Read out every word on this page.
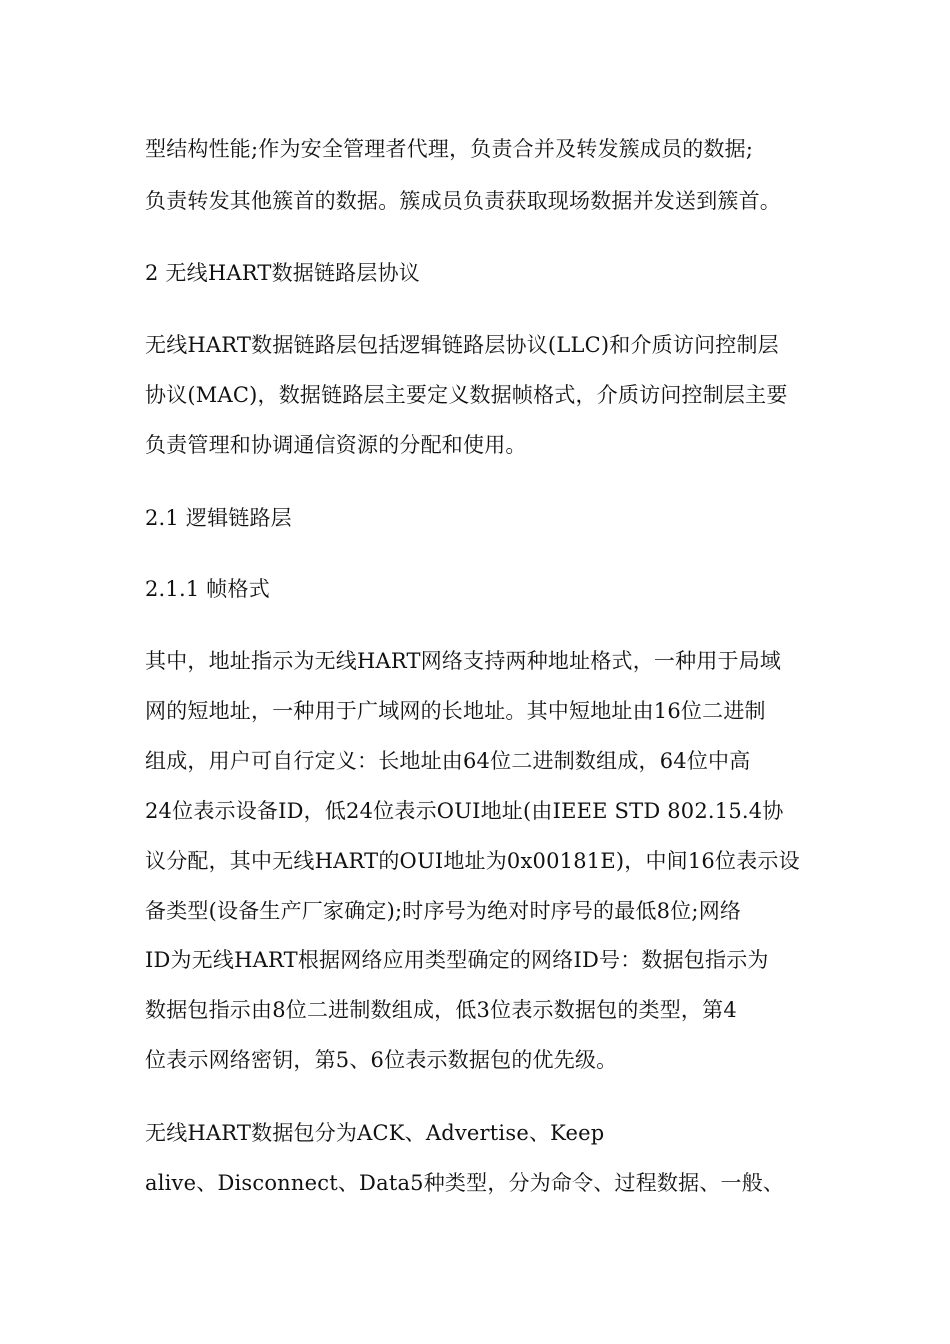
型结构性能;作为安全管理者代理，负责合并及转发簇成员的数据;
负责转发其他簇首的数据。簇成员负责获取现场数据并发送到簇首。
2 无线HART数据链路层协议
无线HART数据链路层包括逻辑链路层协议(LLC)和介质访问控制层
协议(MAC)，数据链路层主要定义数据帧格式，介质访问控制层主要
负责管理和协调通信资源的分配和使用。
2.1 逻辑链路层
2.1.1 帧格式
其中，地址指示为无线HART网络支持两种地址格式，一种用于局域
网的短地址，一种用于广域网的长地址。其中短地址由16位二进制
组成，用户可自行定义：长地址由64位二进制数组成，64位中高
24位表示设备ID，低24位表示OUI地址(由IEEE STD 802.15.4协
议分配，其中无线HART的OUI地址为0x00181E)，中间16位表示设
备类型(设备生产厂家确定);时序号为绝对时序号的最低8位;网络
ID为无线HART根据网络应用类型确定的网络ID号：数据包指示为
数据包指示由8位二进制数组成，低3位表示数据包的类型，第4
位表示网络密钥，第5、6位表示数据包的优先级。
无线HART数据包分为ACK、Advertise、Keep
alive、Disconnect、Data5种类型，分为命令、过程数据、一般、
